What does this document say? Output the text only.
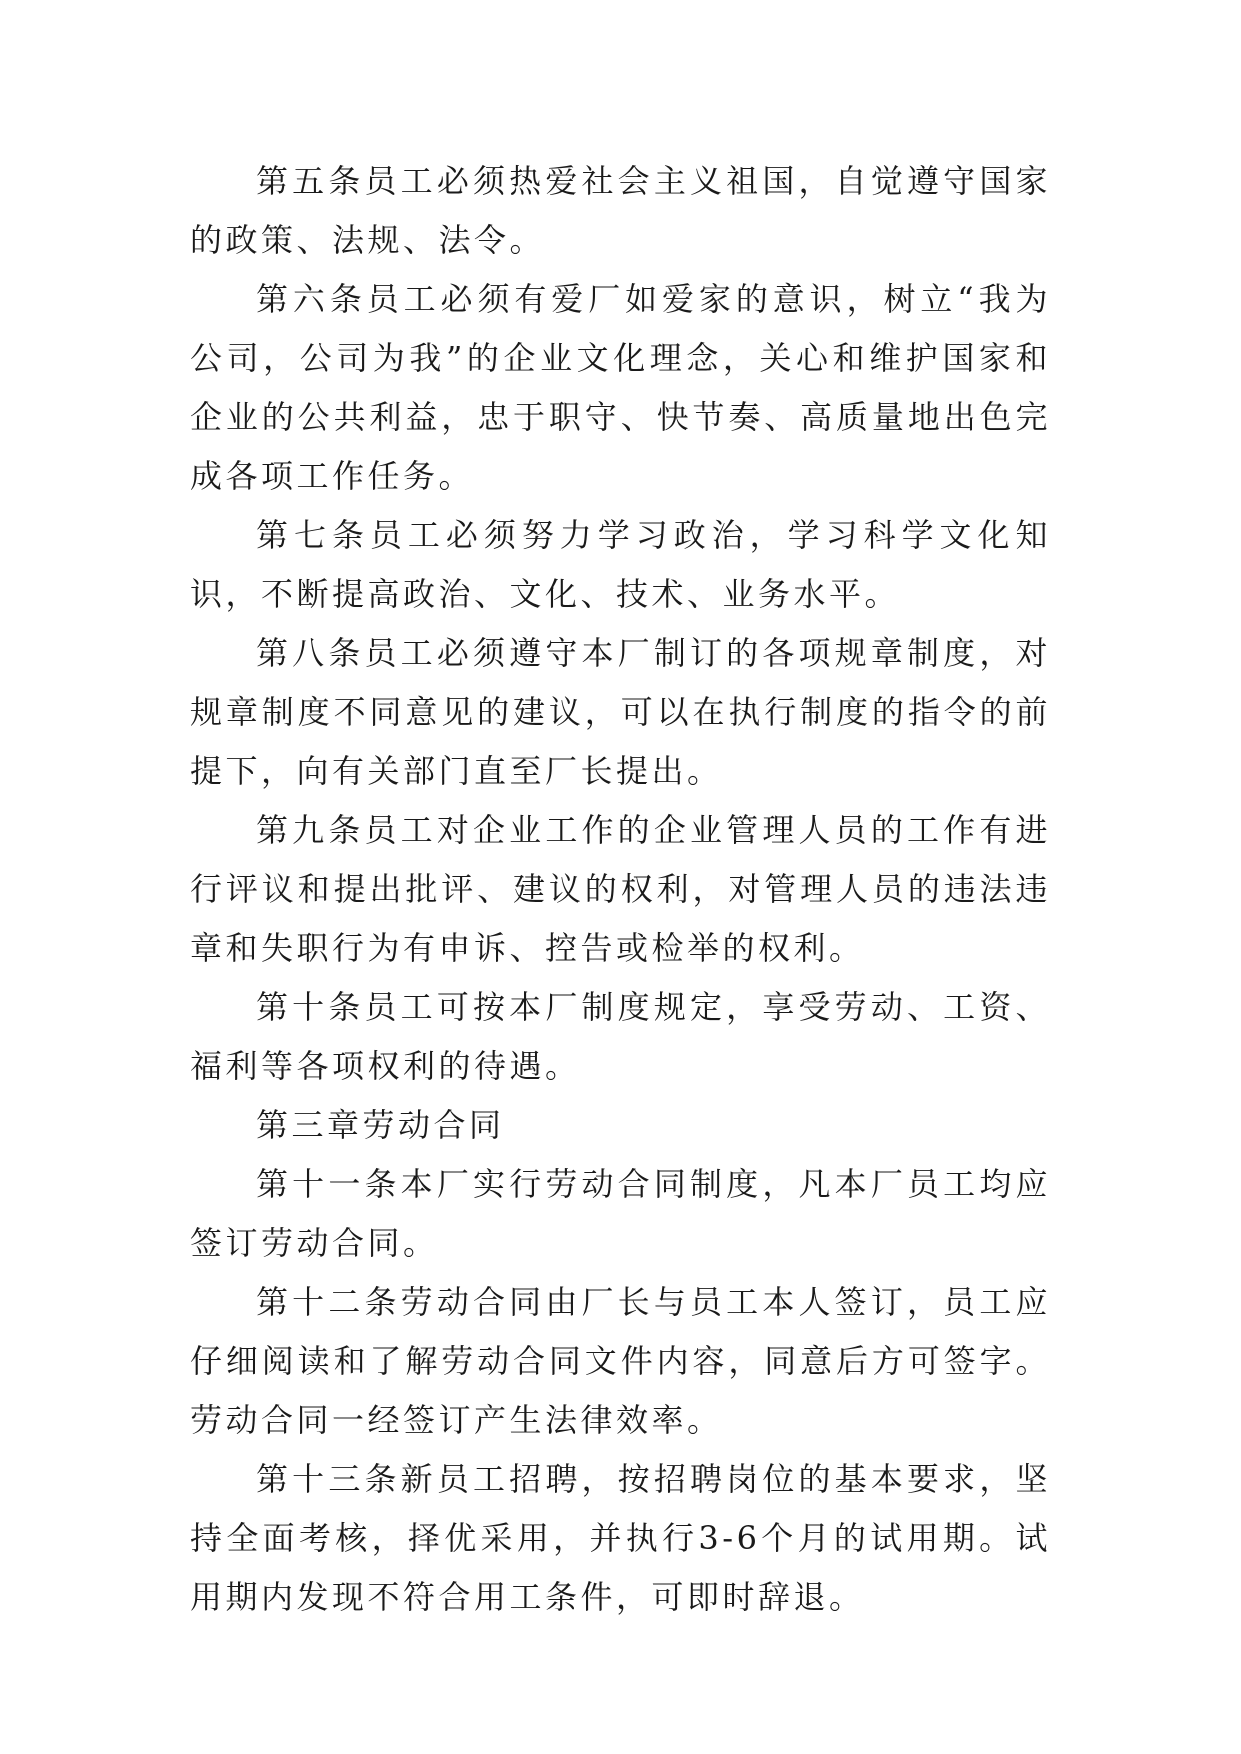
第五条员工必须热爱社会主义祖国，自觉遵守国家的政策、法规、法令。

第六条员工必须有爱厂如爱家的意识，树立“我为公司，公司为我”的企业文化理念，关心和维护国家和企业的公共利益，忠于职守、快节奏、高质量地出色完成各项工作任务。

第七条员工必须努力学习政治，学习科学文化知识，不断提高政治、文化、技术、业务水平。

第八条员工必须遵守本厂制订的各项规章制度，对规章制度不同意见的建议，可以在执行制度的指令的前提下，向有关部门直至厂长提出。

第九条员工对企业工作的企业管理人员的工作有进行评议和提出批评、建议的权利，对管理人员的违法违章和失职行为有申诉、控告或检举的权利。

第十条员工可按本厂制度规定，享受劳动、工资、福利等各项权利的待遇。

第三章劳动合同

第十一条本厂实行劳动合同制度，凡本厂员工均应签订劳动合同。

第十二条劳动合同由厂长与员工本人签订，员工应仔细阅读和了解劳动合同文件内容，同意后方可签字。劳动合同一经签订产生法律效率。

第十三条新员工招聘，按招聘岗位的基本要求，坚持全面考核，择优采用，并执行3-6个月的试用期。试用期内发现不符合用工条件，可即时辞退。
